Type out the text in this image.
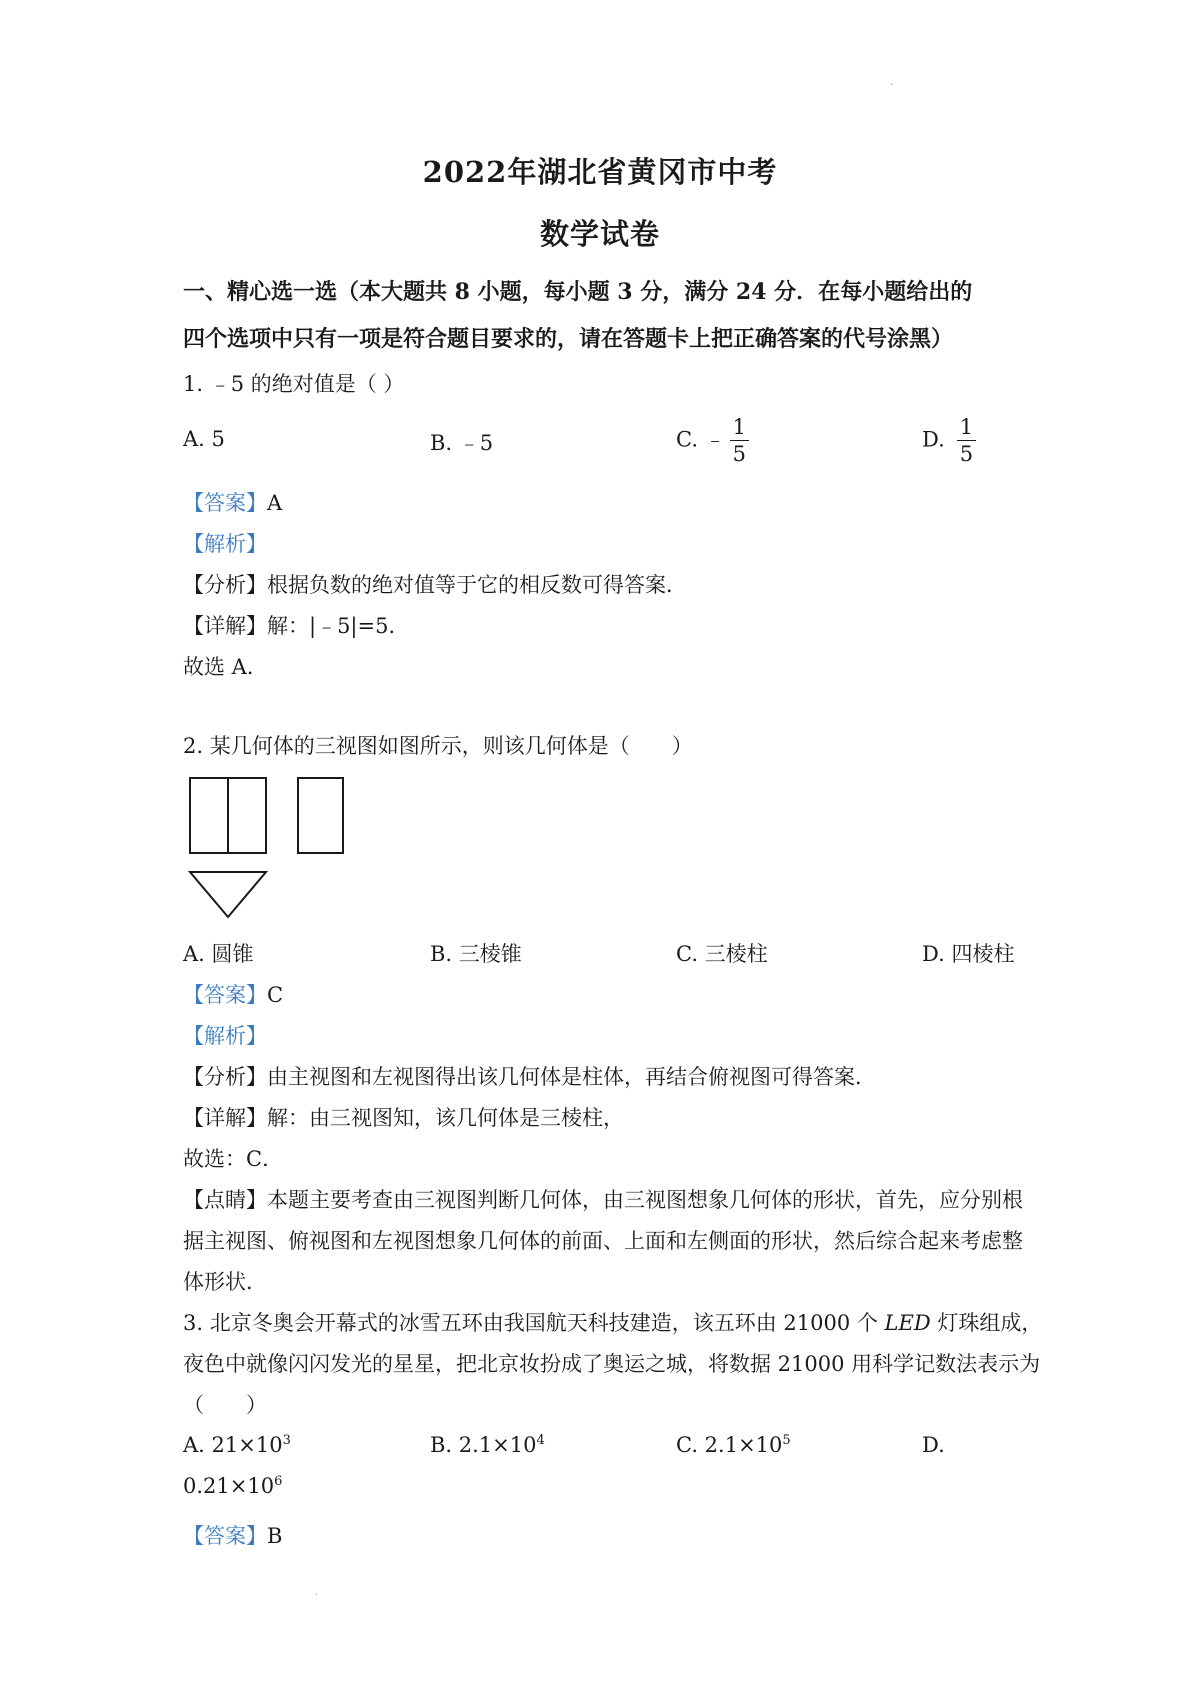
·
2022年湖北省黄冈市中考
数学试卷
一、精心选一选（本大题共 8 小题，每小题 3 分，满分 24 分．在每小题给出的
四个选项中只有一项是符合题目要求的，请在答题卡上把正确答案的代号涂黑）
1. ﹣5 的绝对值是（ ）
A. 5	B. ﹣5	C. ﹣ $\frac{1}{5}$	D. $\frac{1}{5}$
【答案】A
【解析】
【分析】根据负数的绝对值等于它的相反数可得答案．
【详解】解：|﹣5|=5．
故选 A．
2. 某几何体的三视图如图所示，则该几何体是（　　）
A. 圆锥	B. 三棱锥	C. 三棱柱	D. 四棱柱
【答案】C
【解析】
【分析】由主视图和左视图得出该几何体是柱体，再结合俯视图可得答案．
【详解】解：由三视图知，该几何体是三棱柱，
故选：C．
【点睛】本题主要考查由三视图判断几何体，由三视图想象几何体的形状，首先，应分别根
据主视图、俯视图和左视图想象几何体的前面、上面和左侧面的形状，然后综合起来考虑整
体形状．
3. 北京冬奥会开幕式的冰雪五环由我国航天科技建造，该五环由 21000 个 LED 灯珠组成，
夜色中就像闪闪发光的星星，把北京妆扮成了奥运之城，将数据 21000 用科学记数法表示为
（　　）
A. $21\times 10^3$	B. $2.1\times 10^4$	C. $2.1\times 10^5$	D.
$0.21\times 10^6$
【答案】B
·
